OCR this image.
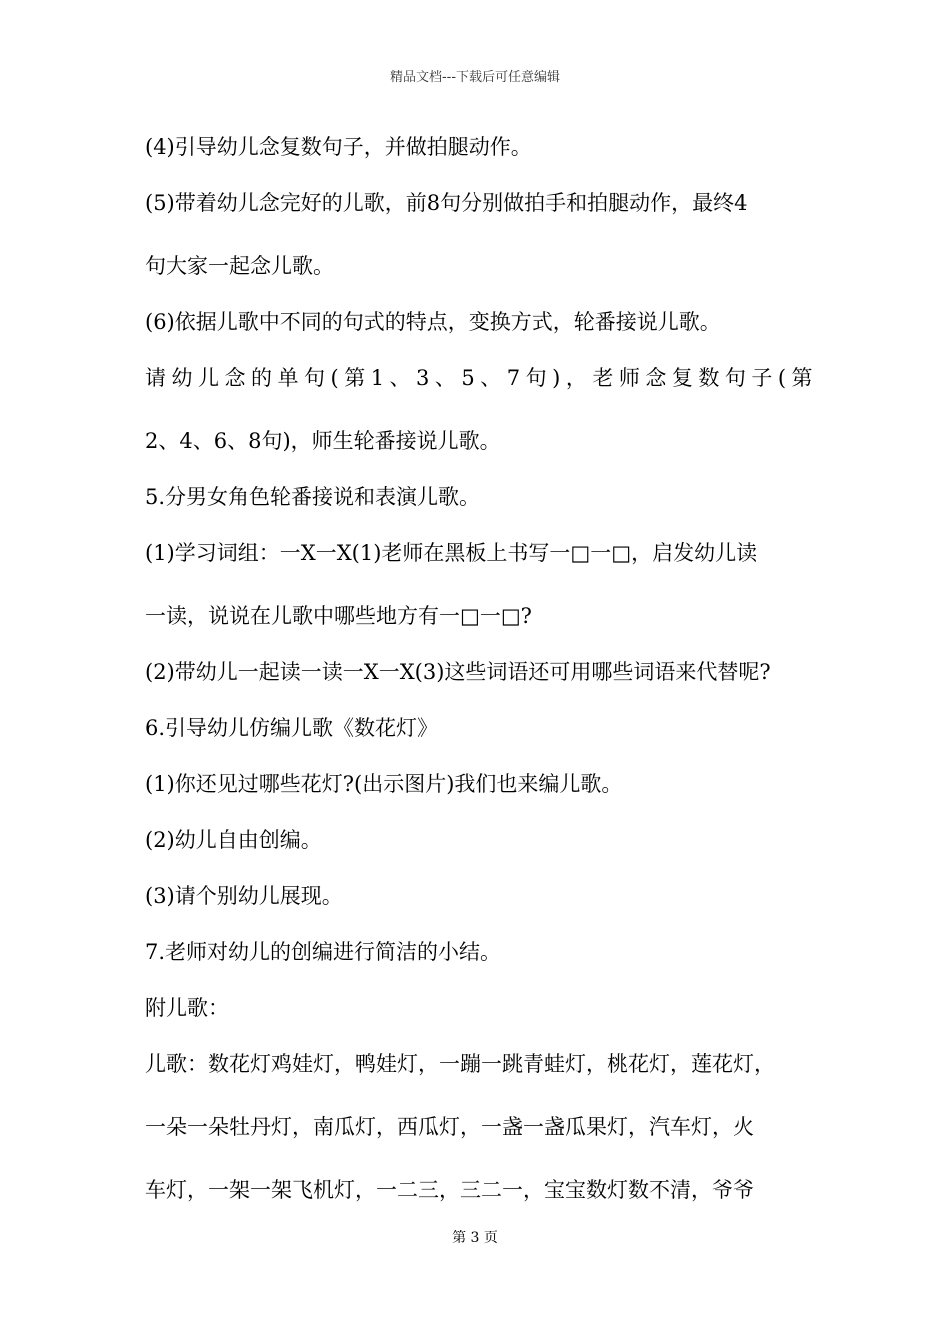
精品文档---下载后可任意编辑
(4)引导幼儿念复数句子，并做拍腿动作。
(5)带着幼儿念完好的儿歌，前8句分别做拍手和拍腿动作，最终4
句大家一起念儿歌。
(6)依据儿歌中不同的句式的特点，变换方式，轮番接说儿歌。
请幼儿念的单句(第1、3、5、7句)，老师念复数句子(第
2、4、6、8句)，师生轮番接说儿歌。
5.分男女角色轮番接说和表演儿歌。
(1)学习词组：一X一X(1)老师在黑板上书写一□一□，启发幼儿读
一读，说说在儿歌中哪些地方有一□一□?
(2)带幼儿一起读一读一X一X(3)这些词语还可用哪些词语来代替呢?
6.引导幼儿仿编儿歌《数花灯》
(1)你还见过哪些花灯?(出示图片)我们也来编儿歌。
(2)幼儿自由创编。
(3)请个别幼儿展现。
7.老师对幼儿的创编进行简洁的小结。
附儿歌：
儿歌：数花灯鸡娃灯，鸭娃灯，一蹦一跳青蛙灯，桃花灯，莲花灯，
一朵一朵牡丹灯，南瓜灯，西瓜灯，一盏一盏瓜果灯，汽车灯，火
车灯，一架一架飞机灯，一二三，三二一，宝宝数灯数不清，爷爷
第 3 页
